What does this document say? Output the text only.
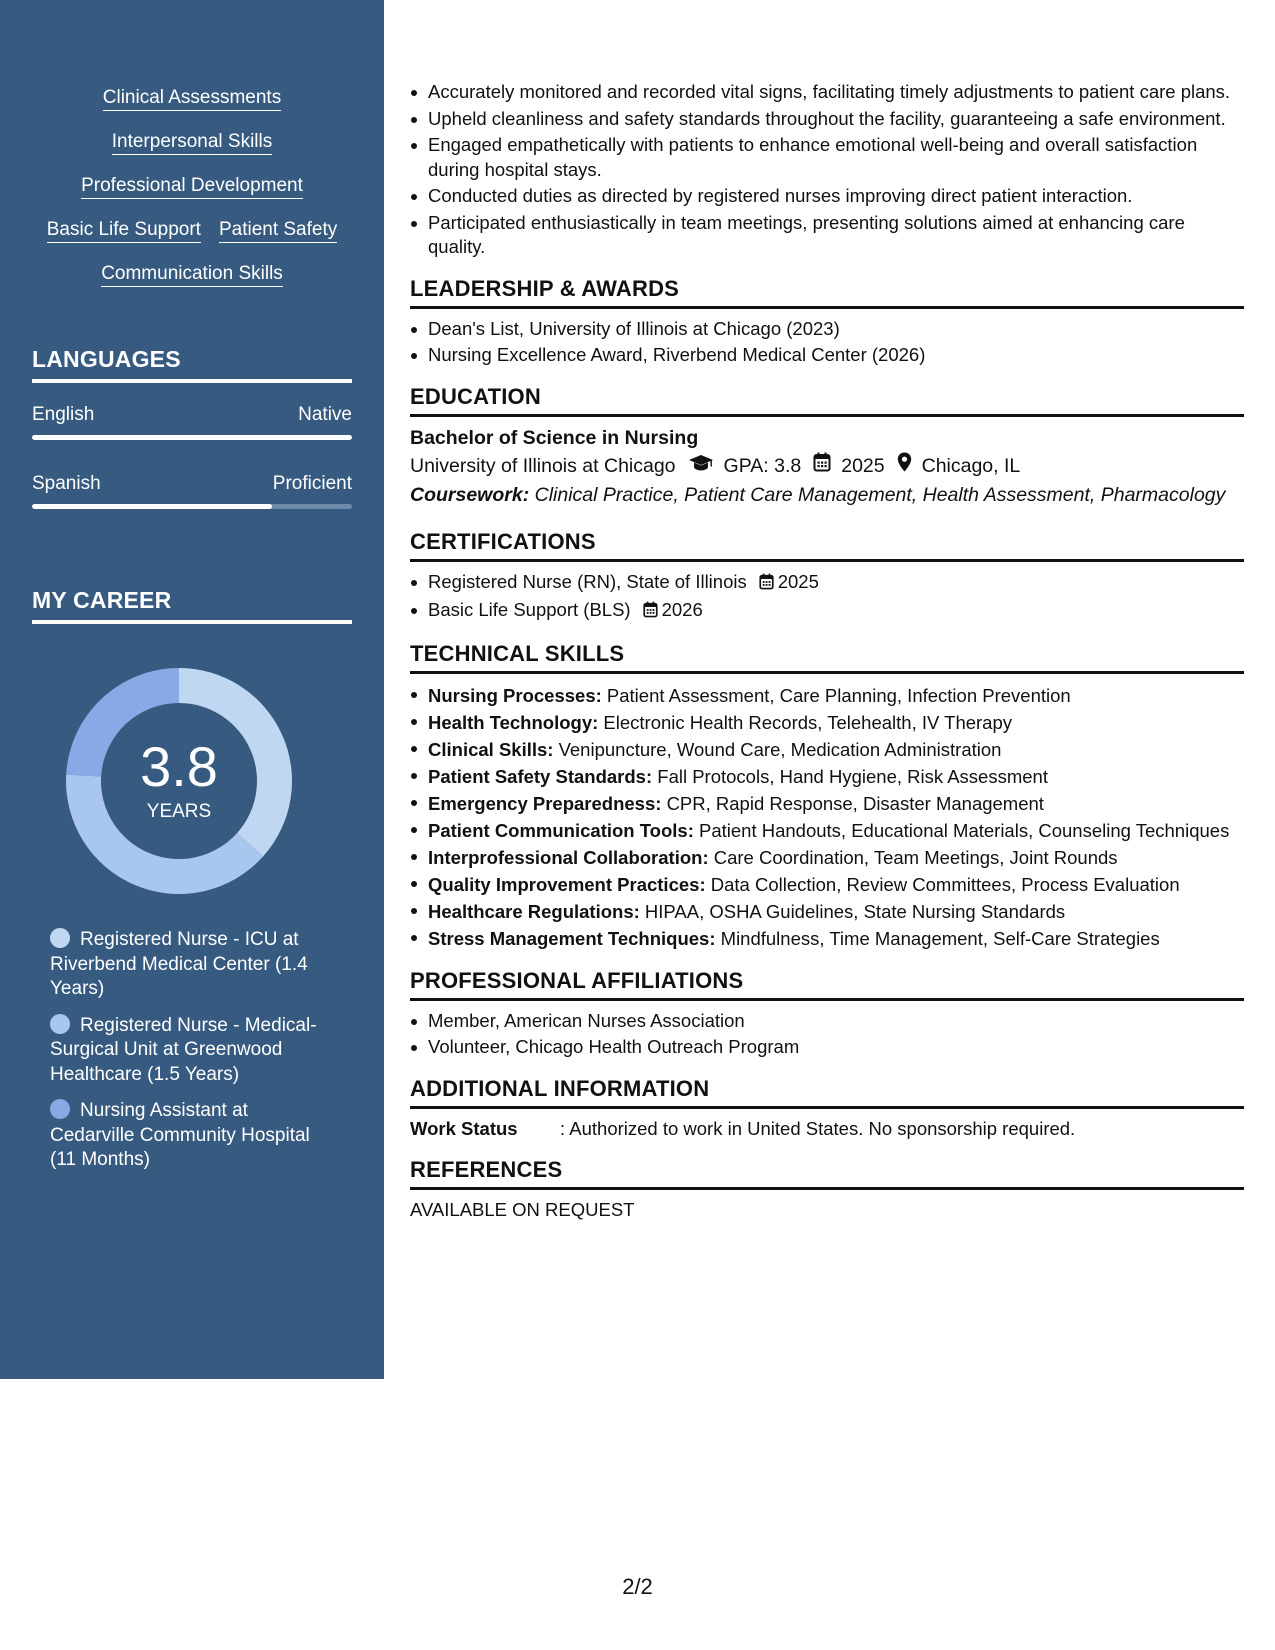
Clinical Assessments
Interpersonal Skills
Professional Development
Basic Life Support Patient Safety
Communication Skills
LANGUAGES
English	Native
Spanish	Proficient
MY CAREER
3.8
YEARS
Registered Nurse - ICU at Riverbend Medical Center (1.4 Years)
Registered Nurse - Medical-Surgical Unit at Greenwood Healthcare (1.5 Years)
Nursing Assistant at Cedarville Community Hospital (11 Months)
Accurately monitored and recorded vital signs, facilitating timely adjustments to patient care plans.
Upheld cleanliness and safety standards throughout the facility, guaranteeing a safe environment.
Engaged empathetically with patients to enhance emotional well-being and overall satisfaction during hospital stays.
Conducted duties as directed by registered nurses improving direct patient interaction.
Participated enthusiastically in team meetings, presenting solutions aimed at enhancing care quality.
LEADERSHIP & AWARDS
Dean's List, University of Illinois at Chicago (2023)
Nursing Excellence Award, Riverbend Medical Center (2026)
EDUCATION
Bachelor of Science in Nursing
University of Illinois at Chicago GPA: 3.8 2025 Chicago, IL
Coursework: Clinical Practice, Patient Care Management, Health Assessment, Pharmacology
CERTIFICATIONS
Registered Nurse (RN), State of Illinois 2025
Basic Life Support (BLS) 2026
TECHNICAL SKILLS
Nursing Processes: Patient Assessment, Care Planning, Infection Prevention
Health Technology: Electronic Health Records, Telehealth, IV Therapy
Clinical Skills: Venipuncture, Wound Care, Medication Administration
Patient Safety Standards: Fall Protocols, Hand Hygiene, Risk Assessment
Emergency Preparedness: CPR, Rapid Response, Disaster Management
Patient Communication Tools: Patient Handouts, Educational Materials, Counseling Techniques
Interprofessional Collaboration: Care Coordination, Team Meetings, Joint Rounds
Quality Improvement Practices: Data Collection, Review Committees, Process Evaluation
Healthcare Regulations: HIPAA, OSHA Guidelines, State Nursing Standards
Stress Management Techniques: Mindfulness, Time Management, Self-Care Strategies
PROFESSIONAL AFFILIATIONS
Member, American Nurses Association
Volunteer, Chicago Health Outreach Program
ADDITIONAL INFORMATION
Work Status	: Authorized to work in United States. No sponsorship required.
REFERENCES
AVAILABLE ON REQUEST
2/2
